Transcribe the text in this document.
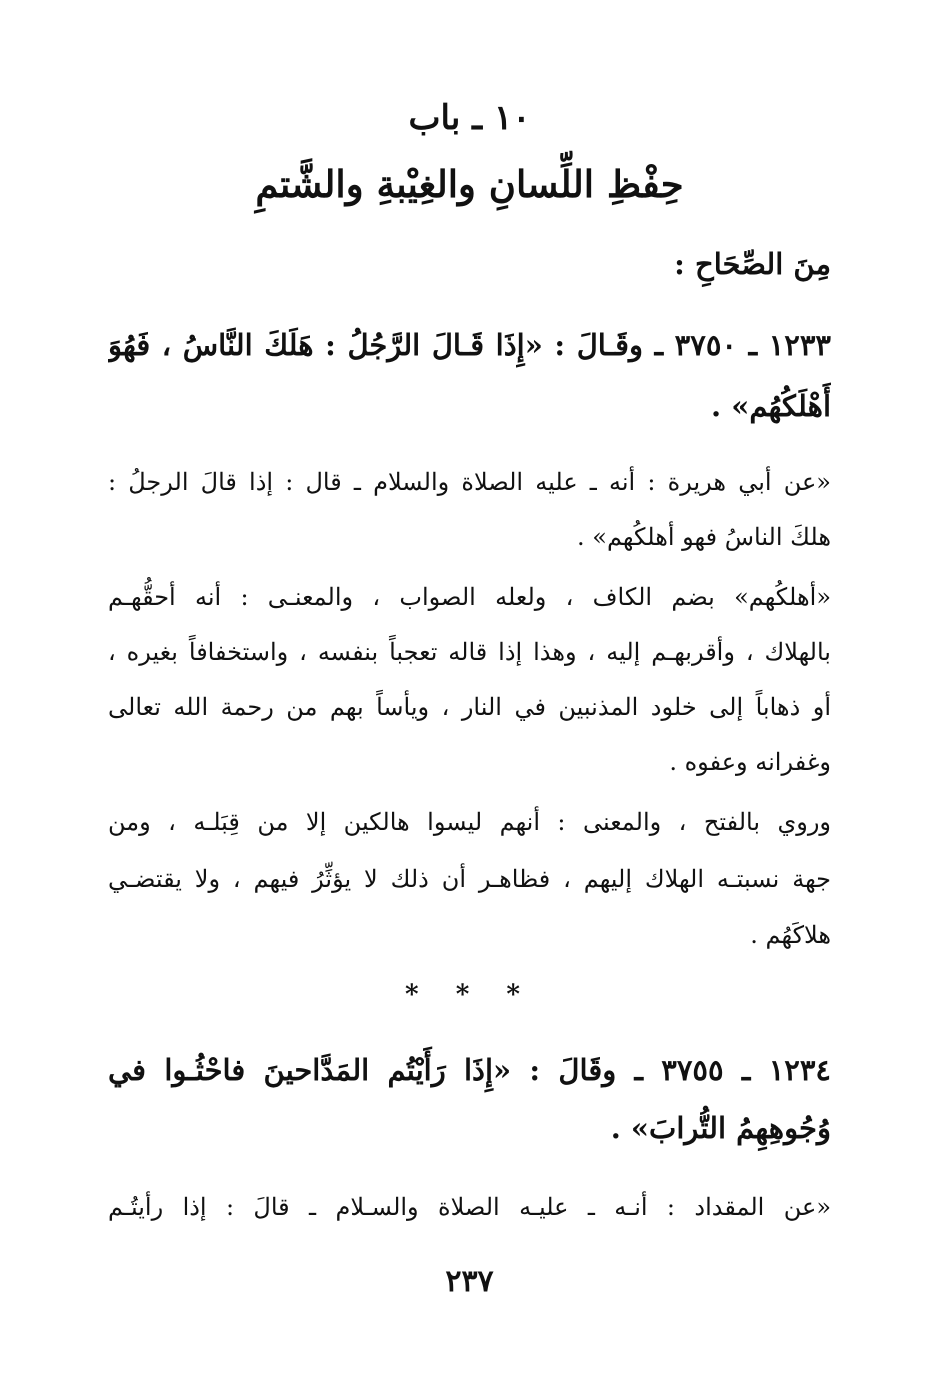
١٠ ـ باب
حِفْظِ اللِّسانِ والغِيْبةِ والشَّتمِ
مِنَ الصِّحَاحِ :
١٢٣٣ ـ ٣٧٥٠ ـ وقَـالَ : «إِذَا قَـالَ الرَّجُلُ : هَلَكَ النَّاسُ ، فَهُوَ
أَهْلَكُهُم» .
«عن أبي هريرة : أنه ـ عليه الصلاة والسلام ـ قال : إذا قالَ الرجلُ :
هلكَ الناسُ فهو أهلكُهم» .
«أهلكُهم» بضم الكاف ، ولعله الصواب ، والمعنـى : أنه أحقُّهـم
بالهلاك ، وأقربهـم إليه ، وهذا إذا قاله تعجباً بنفسه ، واستخفافاً بغيره ،
أو ذهاباً إلى خلود المذنبين في النار ، ويأساً بهم من رحمة الله تعالى
وغفرانه وعفوه .
وروي بالفتح ، والمعنى : أنهم ليسوا هالكين إلا من قِبَلـه ، ومن
جهة نسبتـه الهلاك إليهم ، فظاهـر أن ذلك لا يؤثِّرُ فيهم ، ولا يقتضـي
هلاكَهُم .
* * *
١٢٣٤ ـ ٣٧٥٥ ـ وقَالَ : «إِذَا رَأَيْتُم المَدَّاحينَ فاحْثُـوا في
وُجُوهِهِمُ التُّرابَ» .
«عن المقداد : أنـه ـ عليـه الصلاة والسـلام ـ قالَ : إذا رأيتُـم
٢٣٧
